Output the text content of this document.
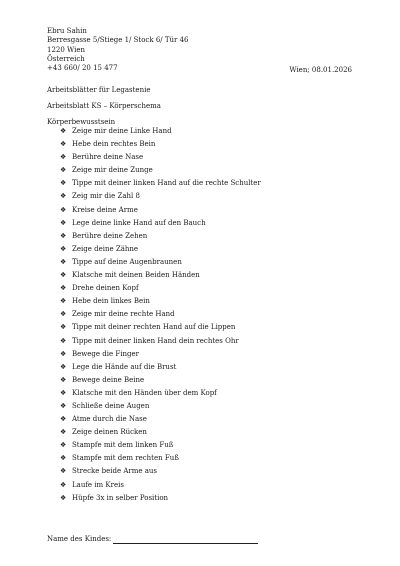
Ebru Sahin
Berresgasse 5/Stiege 1/ Stock 6/ Tür 46
1220 Wien
Österreich
+43 660/ 20 15 477	Wien; 08.01.2026
Arbeitsblätter für Legastenie
Arbeitsblatt KS – Körperschema
Körperbewusstsein
❖ Zeige mir deine Linke Hand
❖ Hebe dein rechtes Bein
❖ Berühre deine Nase
❖ Zeige mir deine Zunge
❖ Tippe mit deiner linken Hand auf die rechte Schulter
❖ Zeig mir die Zahl 8
❖ Kreise deine Arme
❖ Lege deine linke Hand auf den Bauch
❖ Berühre deine Zehen
❖ Zeige deine Zähne
❖ Tippe auf deine Augenbraunen
❖ Klatsche mit deinen Beiden Händen
❖ Drehe deinen Kopf
❖ Hebe dein linkes Bein
❖ Zeige mir deine rechte Hand
❖ Tippe mit deiner rechten Hand auf die Lippen
❖ Tippe mit deiner linken Hand dein rechtes Ohr
❖ Bewege die Finger
❖ Lege die Hände auf die Brust
❖ Bewege deine Beine
❖ Klatsche mit den Händen über dem Kopf
❖ Schließe deine Augen
❖ Atme durch die Nase
❖ Zeige deinen Rücken
❖ Stampfe mit dem linken Fuß
❖ Stampfe mit dem rechten Fuß
❖ Strecke beide Arme aus
❖ Laufe im Kreis
❖ Hüpfe 3x in selber Position
Name des Kindes:
